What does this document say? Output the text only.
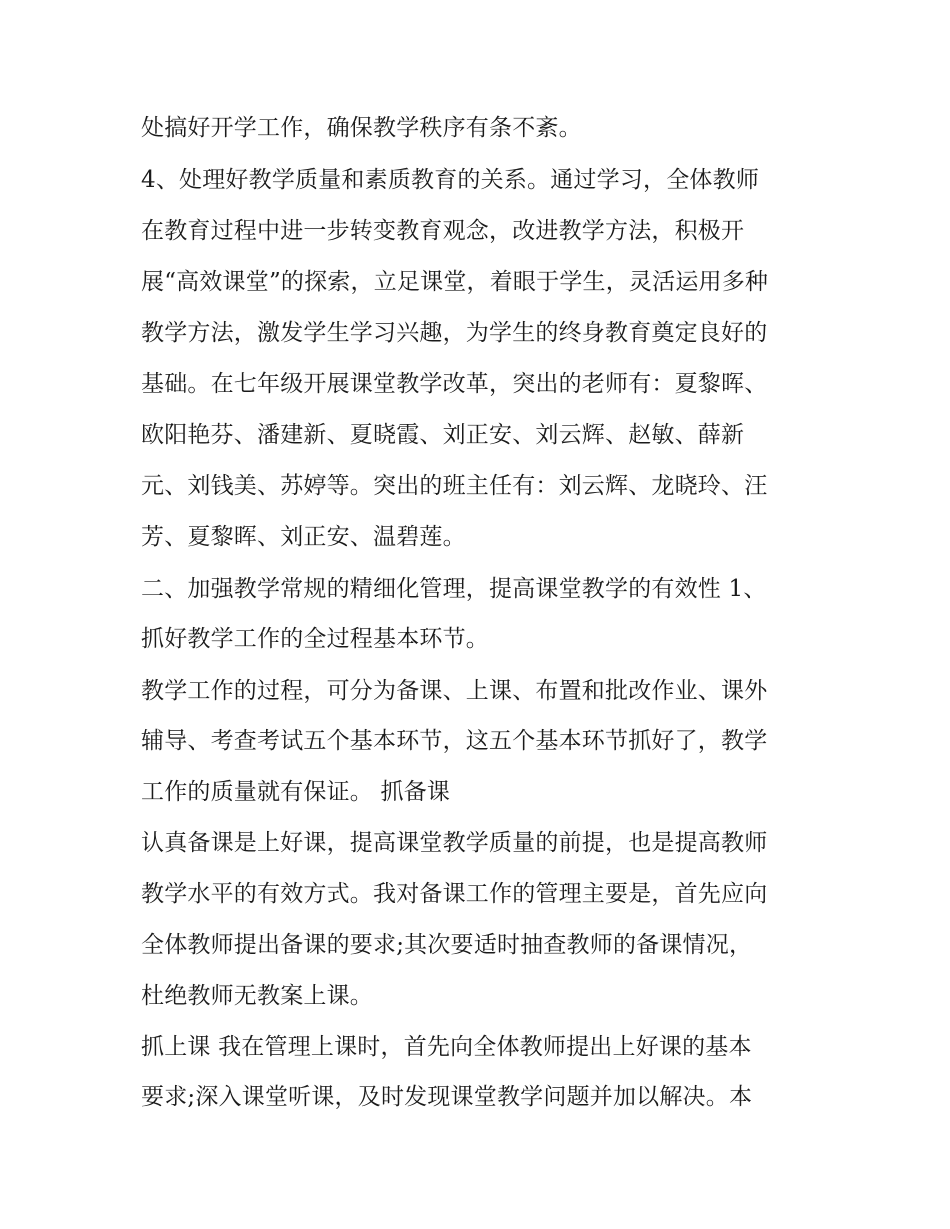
处搞好开学工作，确保教学秩序有条不紊。
4、处理好教学质量和素质教育的关系。通过学习，全体教师
在教育过程中进一步转变教育观念，改进教学方法，积极开
展“高效课堂”的探索，立足课堂，着眼于学生，灵活运用多种
教学方法，激发学生学习兴趣，为学生的终身教育奠定良好的
基础。在七年级开展课堂教学改革，突出的老师有：夏黎晖、
欧阳艳芬、潘建新、夏晓霞、刘正安、刘云辉、赵敏、薛新
元、刘钱美、苏婷等。突出的班主任有：刘云辉、龙晓玲、汪
芳、夏黎晖、刘正安、温碧莲。
二、加强教学常规的精细化管理，提高课堂教学的有效性 1、
抓好教学工作的全过程基本环节。
教学工作的过程，可分为备课、上课、布置和批改作业、课外
辅导、考查考试五个基本环节，这五个基本环节抓好了，教学
工作的质量就有保证。 抓备课
认真备课是上好课，提高课堂教学质量的前提，也是提高教师
教学水平的有效方式。我对备课工作的管理主要是，首先应向
全体教师提出备课的要求;其次要适时抽查教师的备课情况，
杜绝教师无教案上课。
抓上课 我在管理上课时，首先向全体教师提出上好课的基本
要求;深入课堂听课，及时发现课堂教学问题并加以解决。本
